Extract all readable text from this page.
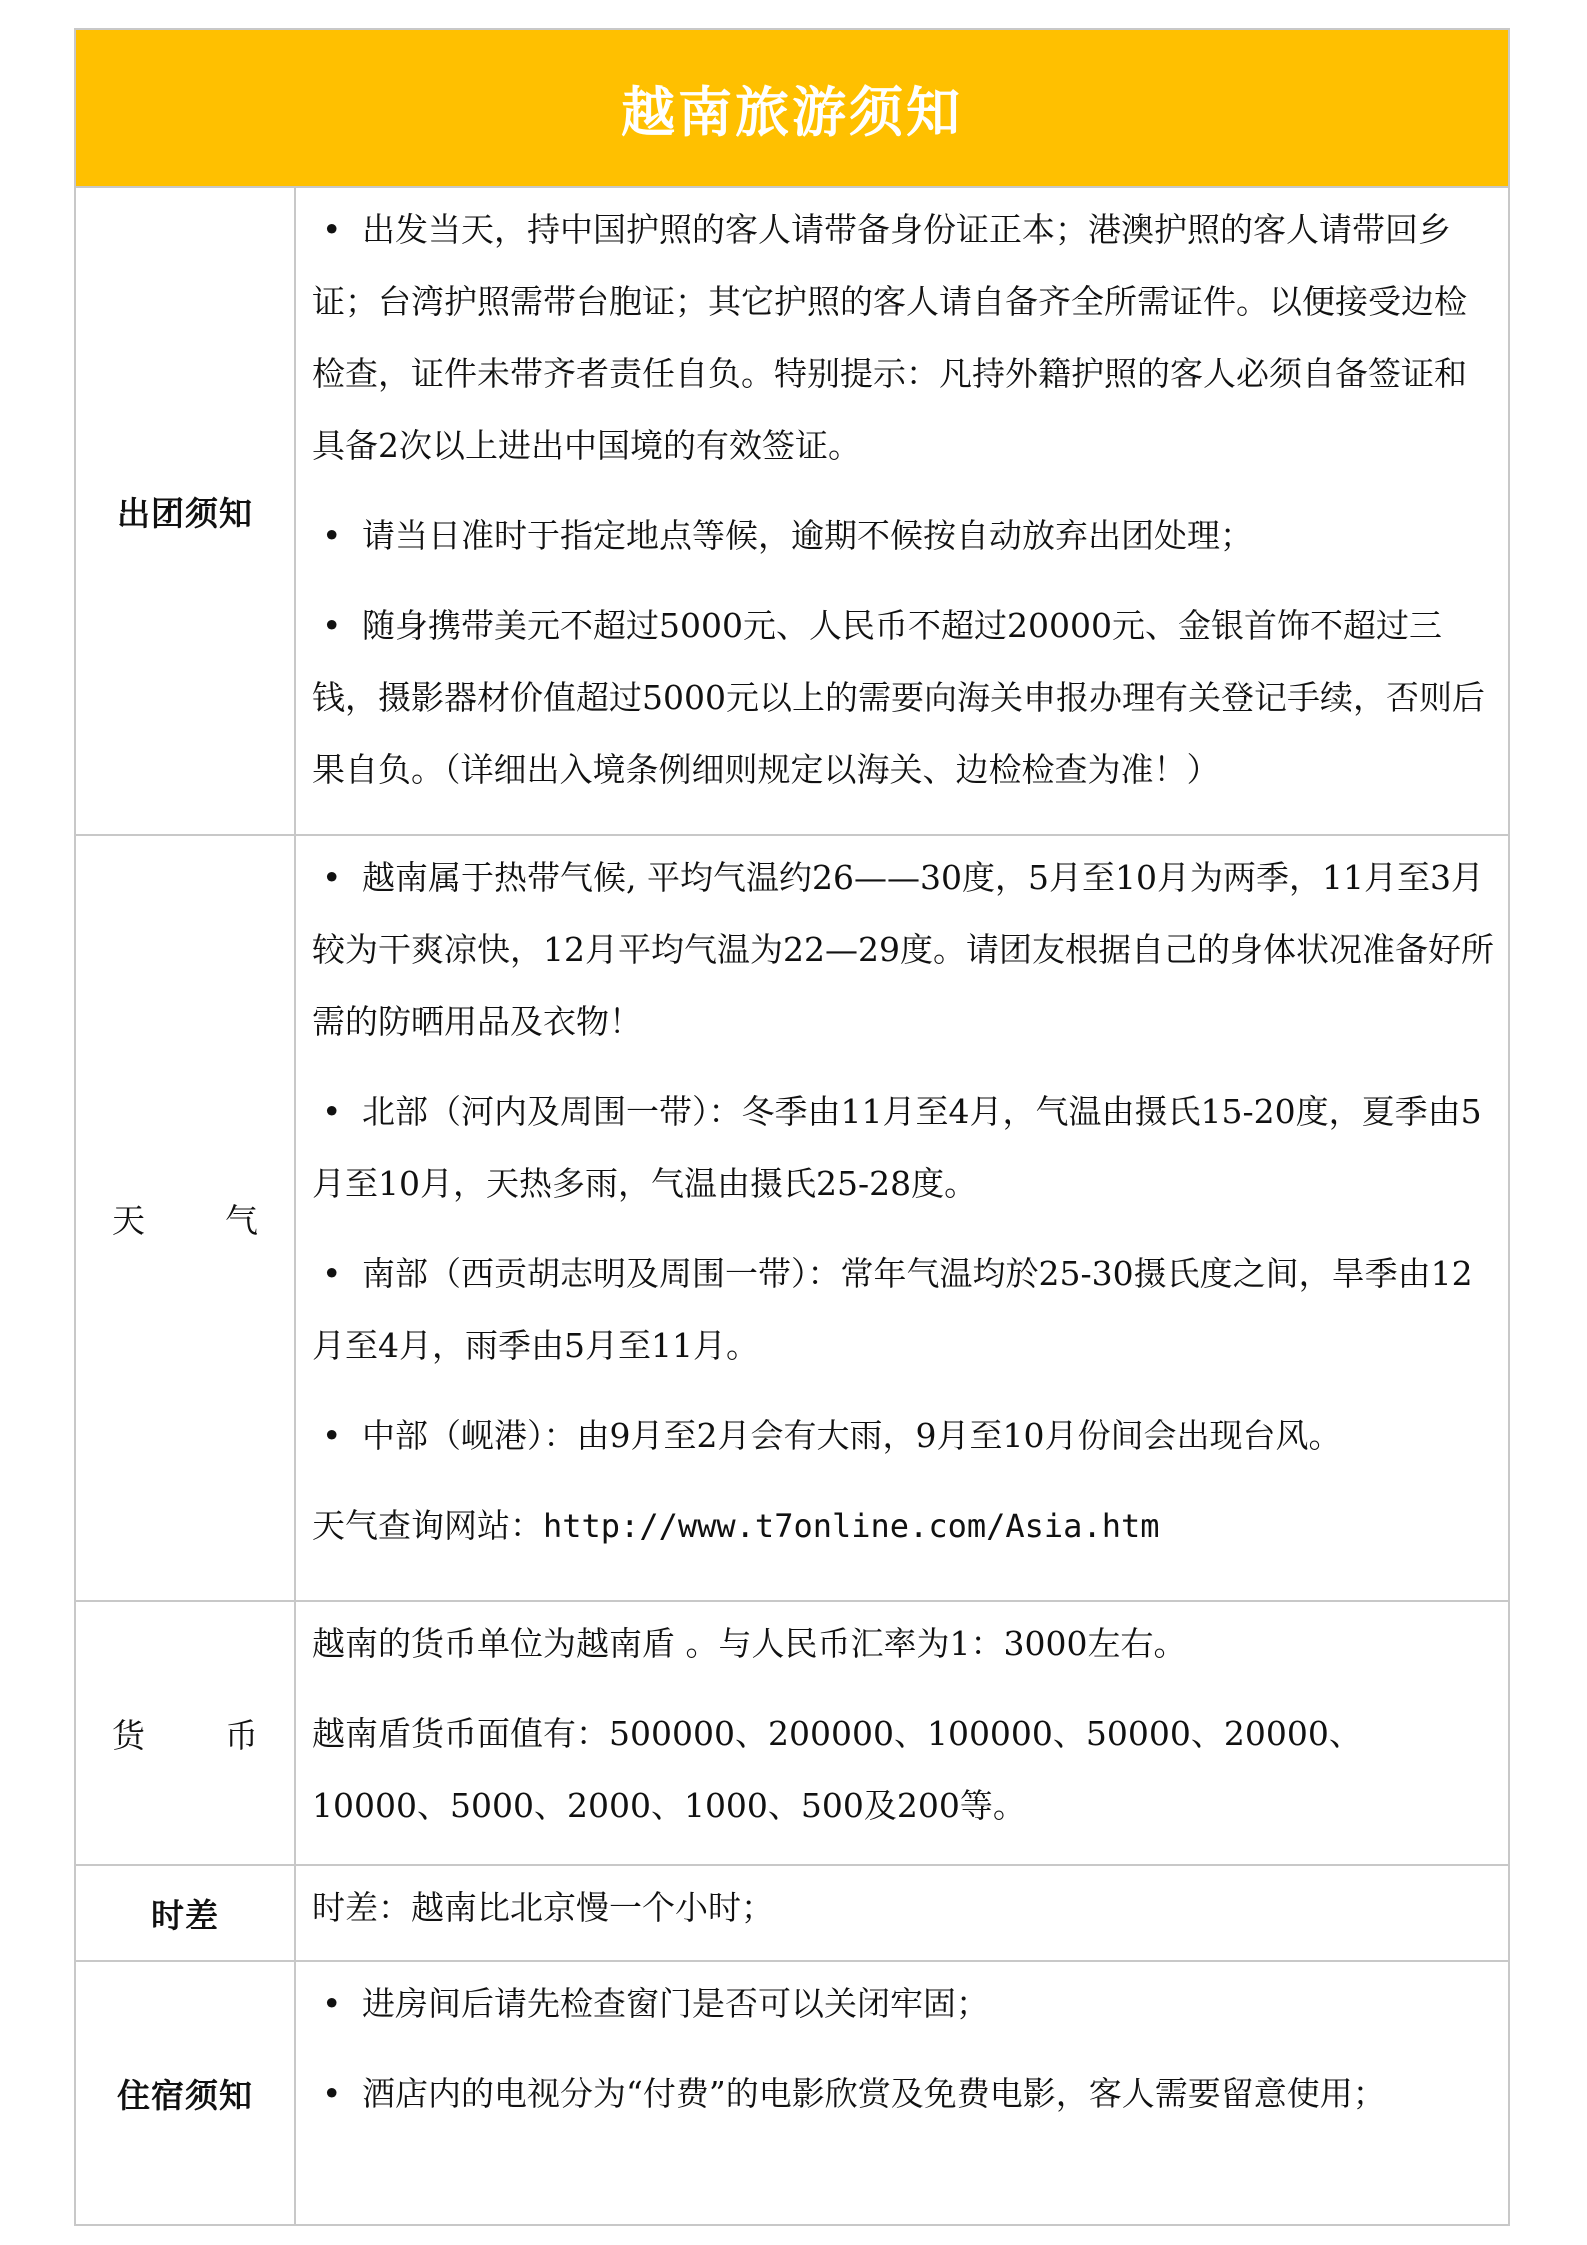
越南旅游须知
出团须知

• 出发当天，持中国护照的客人请带备身份证正本；港澳护照的客人请带回乡证；台湾护照需带台胞证；其它护照的客人请自备齐全所需证件。以便接受边检检查，证件未带齐者责任自负。特别提示：凡持外籍护照的客人必须自备签证和具备2次以上进出中国境的有效签证。

• 请当日准时于指定地点等候，逾期不候按自动放弃出团处理；

• 随身携带美元不超过5000元、人民币不超过20000元、金银首饰不超过三钱，摄影器材价值超过5000元以上的需要向海关申报办理有关登记手续，否则后果自负。（详细出入境条例细则规定以海关、边检检查为准！）

天 气

• 越南属于热带气候, 平均气温约26——30度，5月至10月为两季，11月至3月较为干爽凉快，12月平均气温为22—29度。请团友根据自己的身体状况准备好所需的防晒用品及衣物！

• 北部（河内及周围一带）：冬季由11月至4月，气温由摄氏15-20度，夏季由5月至10月，天热多雨，气温由摄氏25-28度。

• 南部（西贡胡志明及周围一带）：常年气温均於25-30摄氏度之间，旱季由12月至4月，雨季由5月至11月。

• 中部（岘港）：由9月至2月会有大雨，9月至10月份间会出现台风。

天气查询网站：http://www.t7online.com/Asia.htm

货 币

越南的货币单位为越南盾 。与人民币汇率为1：3000左右。

越南盾货币面值有：500000、200000、100000、50000、20000、10000、5000、2000、1000、500及200等。

时差	时差：越南比北京慢一个小时；

住宿须知

• 进房间后请先检查窗门是否可以关闭牢固；

• 酒店内的电视分为“付费”的电影欣赏及免费电影，客人需要留意使用；
